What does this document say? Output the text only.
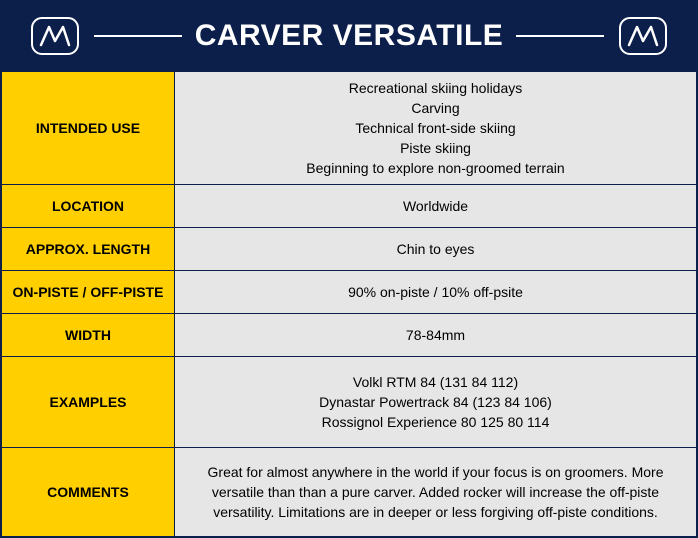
CARVER VERSATILE
INTENDED USE	Recreational skiing holidays
Carving
Technical front-side skiing
Piste skiing
Beginning to explore non-groomed terrain

LOCATION	Worldwide
APPROX. LENGTH	Chin to eyes
ON-PISTE / OFF-PISTE	90% on-piste / 10% off-psite
WIDTH	78-84mm
EXAMPLES	Volkl RTM 84 (131 84 112)
Dynastar Powertrack 84 (123 84 106)
Rossignol Experience 80 125 80 114

COMMENTS	Great for almost anywhere in the world if your focus is on groomers. More versatile than than a pure carver. Added rocker will increase the off-piste versatility. Limitations are in deeper or less forgiving off-piste conditions.
